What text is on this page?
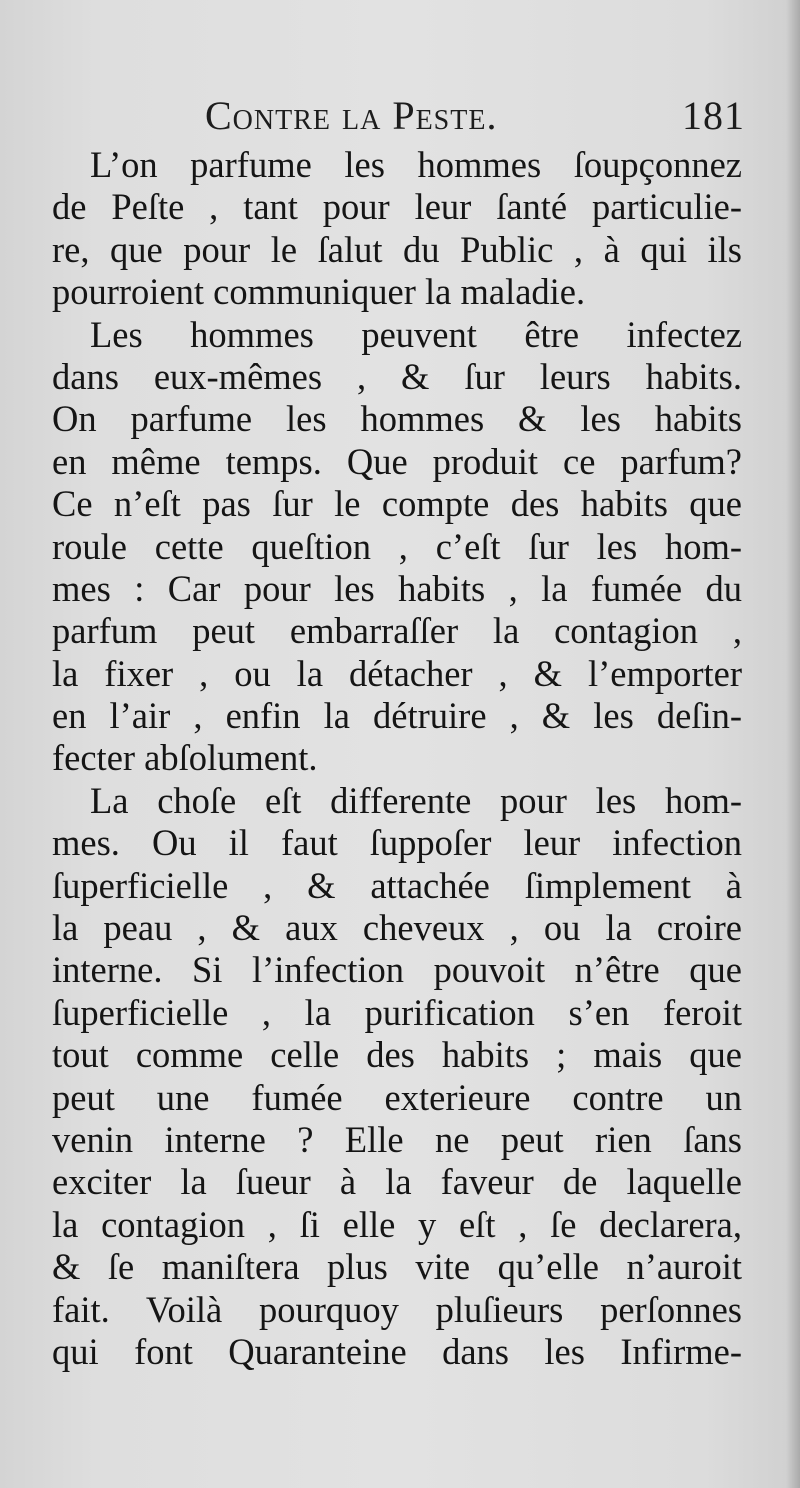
Contre la Peste.	181
L’on parfume les hommes ſoupçonnez
de Peſte , tant pour leur ſanté particulie-
re, que pour le ſalut du Public , à qui ils
pourroient communiquer la maladie.
Les hommes peuvent être infectez
dans eux-mêmes , & ſur leurs habits.
On parfume les hommes & les habits
en même temps. Que produit ce parfum?
Ce n’eſt pas ſur le compte des habits que
roule cette queſtion , c’eſt ſur les hom-
mes : Car pour les habits , la fumée du
parfum peut embarraſſer la contagion ,
la fixer , ou la détacher , & l’emporter
en l’air , enfin la détruire , & les deſin-
fecter abſolument.
La choſe eſt differente pour les hom-
mes. Ou il faut ſuppoſer leur infection
ſuperficielle , & attachée ſimplement à
la peau , & aux cheveux , ou la croire
interne. Si l’infection pouvoit n’être que
ſuperficielle , la purification s’en feroit
tout comme celle des habits ; mais que
peut une fumée exterieure contre un
venin interne ? Elle ne peut rien ſans
exciter la ſueur à la faveur de laquelle
la contagion , ſi elle y eſt , ſe declarera,
& ſe maniſtera plus vite qu’elle n’auroit
fait. Voilà pourquoy pluſieurs perſonnes
qui font Quaranteine dans les Infirme-
